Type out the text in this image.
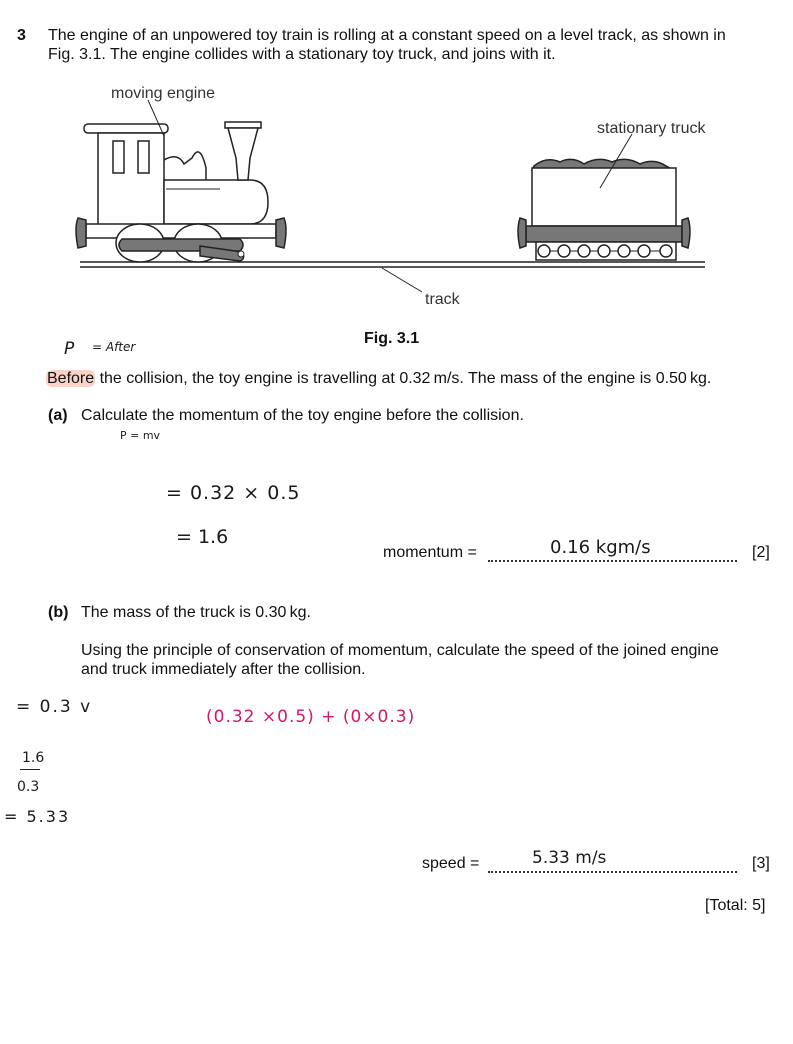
3 The engine of an unpowered toy train is rolling at a constant speed on a level track, as shown in
Fig. 3.1. The engine collides with a stationary toy truck, and joins with it.
moving engine
stationary truck
track
Fig. 3.1
P = After
Before the collision, the toy engine is travelling at 0.32 m/s. The mass of the engine is 0.50 kg.
(a) Calculate the momentum of the toy engine before the collision.
P = mv
= 0.32 × 0.5
= 1.6
momentum =	0.16 kgm/s	[2]
(b) The mass of the truck is 0.30 kg.
Using the principle of conservation of momentum, calculate the speed of the joined engine
and truck immediately after the collision.
= 0.3 v	(0.32 ×0.5) + (0×0.3)
1.6
0.3
= 5.33
speed =	5.33 m/s	[3]
[Total: 5]
